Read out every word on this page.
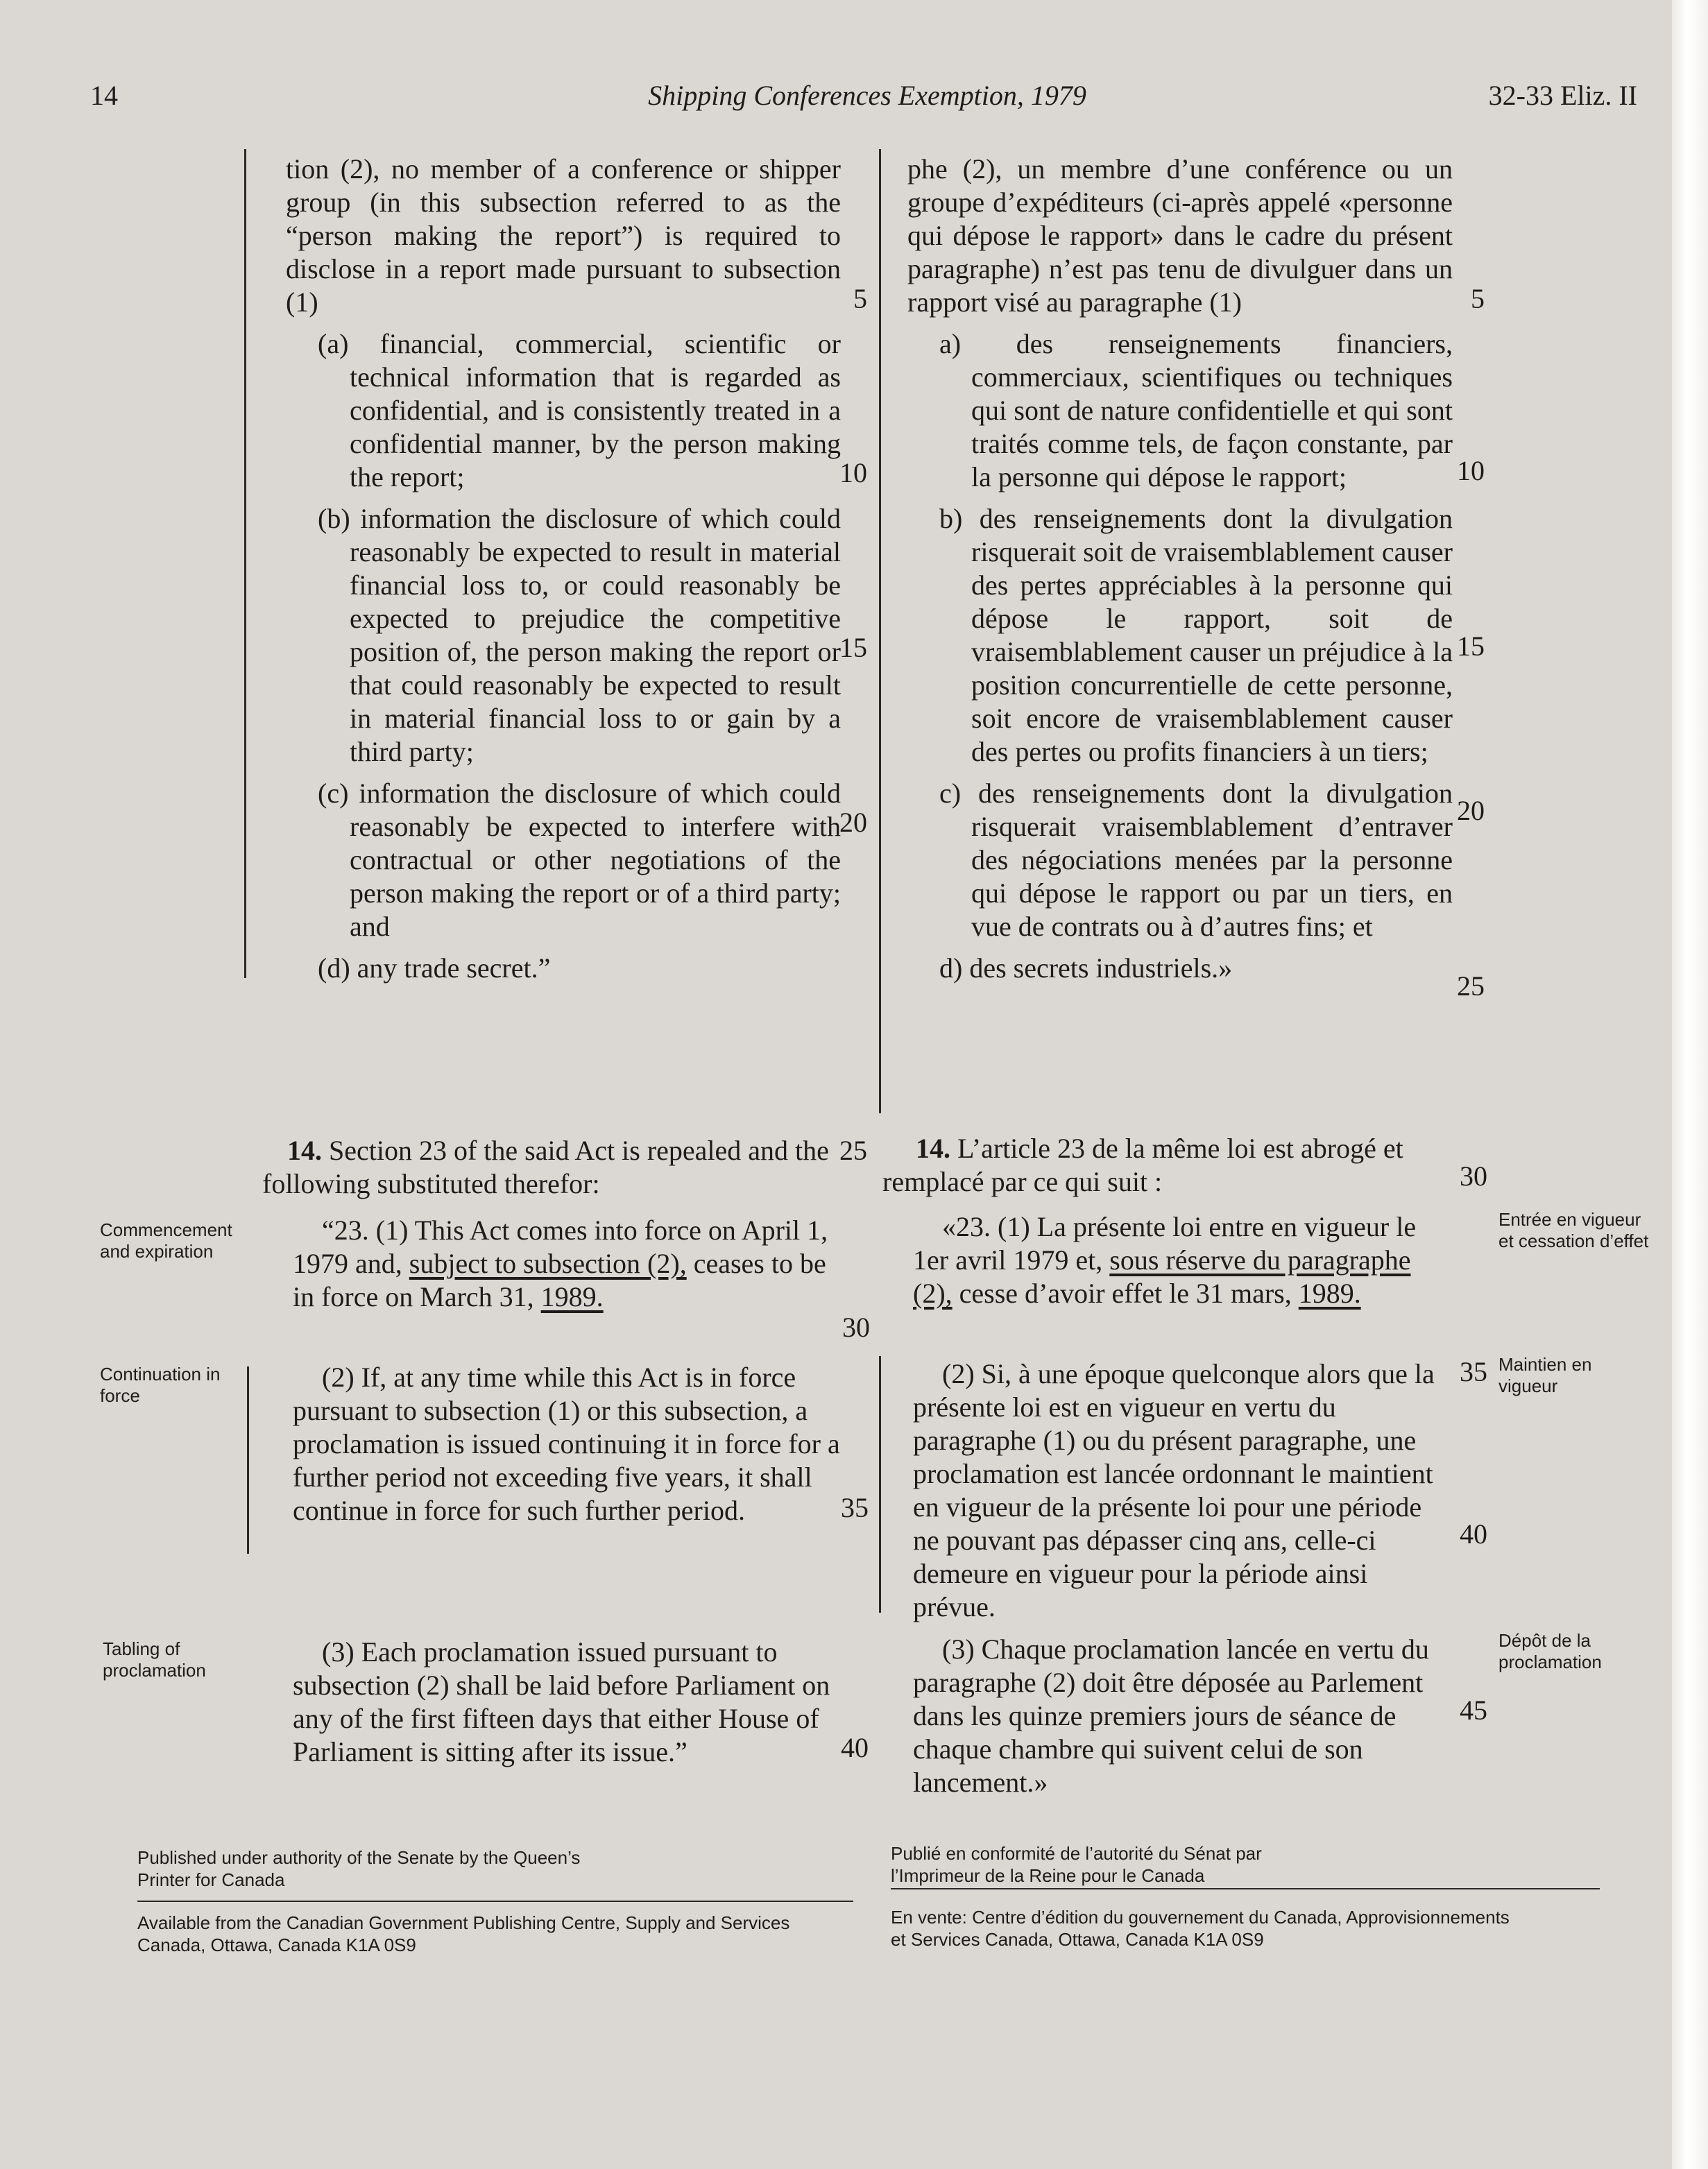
14	Shipping Conferences Exemption, 1979	32-33 Eliz. II
tion (2), no member of a conference or shipper group (in this subsection referred to as the “person making the report”) is required to disclose in a report made pursuant to subsection (1)
(a) financial, commercial, scientific or technical information that is regarded as confidential, and is consistently treated in a confidential manner, by the person making the report;
(b) information the disclosure of which could reasonably be expected to result in material financial loss to, or could reasonably be expected to prejudice the competitive position of, the person making the report or that could reasonably be expected to result in material financial loss to or gain by a third party;
(c) information the disclosure of which could reasonably be expected to interfere with contractual or other negotiations of the person making the report or of a third party; and
(d) any trade secret.”
phe (2), un membre d’une conférence ou un groupe d’expéditeurs (ci-après appelé «personne qui dépose le rapport» dans le cadre du présent paragraphe) n’est pas tenu de divulguer dans un rapport visé au paragraphe (1)
a) des renseignements financiers, commerciaux, scientifiques ou techniques qui sont de nature confidentielle et qui sont traités comme tels, de façon constante, par la personne qui dépose le rapport;
b) des renseignements dont la divulgation risquerait soit de vraisemblablement causer des pertes appréciables à la personne qui dépose le rapport, soit de vraisemblablement causer un préjudice à la position concurrentielle de cette personne, soit encore de vraisemblablement causer des pertes ou profits financiers à un tiers;
c) des renseignements dont la divulgation risquerait vraisemblablement d’entraver des négociations menées par la personne qui dépose le rapport ou par un tiers, en vue de contrats ou à d’autres fins; et
d) des secrets industriels.»
14. Section 23 of the said Act is repealed and the following substituted therefor:
14. L’article 23 de la même loi est abrogé et remplacé par ce qui suit :
Commencement and expiration
“23. (1) This Act comes into force on April 1, 1979 and, subject to subsection (2), ceases to be in force on March 31, 1989.
Entrée en vigueur et cessation d’effet
«23. (1) La présente loi entre en vigueur le 1er avril 1979 et, sous réserve du paragraphe (2), cesse d’avoir effet le 31 mars, 1989.
Continuation in force
(2) If, at any time while this Act is in force pursuant to subsection (1) or this subsection, a proclamation is issued continuing it in force for a further period not exceeding five years, it shall continue in force for such further period.
Maintien en vigueur
(2) Si, à une époque quelconque alors que la présente loi est en vigueur en vertu du paragraphe (1) ou du présent paragraphe, une proclamation est lancée ordonnant le maintient en vigueur de la présente loi pour une période ne pouvant pas dépasser cinq ans, celle-ci demeure en vigueur pour la période ainsi prévue.
Tabling of proclamation
(3) Each proclamation issued pursuant to subsection (2) shall be laid before Parliament on any of the first fifteen days that either House of Parliament is sitting after its issue.”
Dépôt de la proclamation
(3) Chaque proclamation lancée en vertu du paragraphe (2) doit être déposée au Parlement dans les quinze premiers jours de séance de chaque chambre qui suivent celui de son lancement.»
5
10
15
20
25
30
35
40
5
10
15
20
25
30
35
40
45
Published under authority of the Senate by the Queen’s Printer for Canada
Available from the Canadian Government Publishing Centre, Supply and Services Canada, Ottawa, Canada K1A 0S9
Publié en conformité de l’autorité du Sénat par l’Imprimeur de la Reine pour le Canada
En vente: Centre d’édition du gouvernement du Canada, Approvisionnements et Services Canada, Ottawa, Canada K1A 0S9
